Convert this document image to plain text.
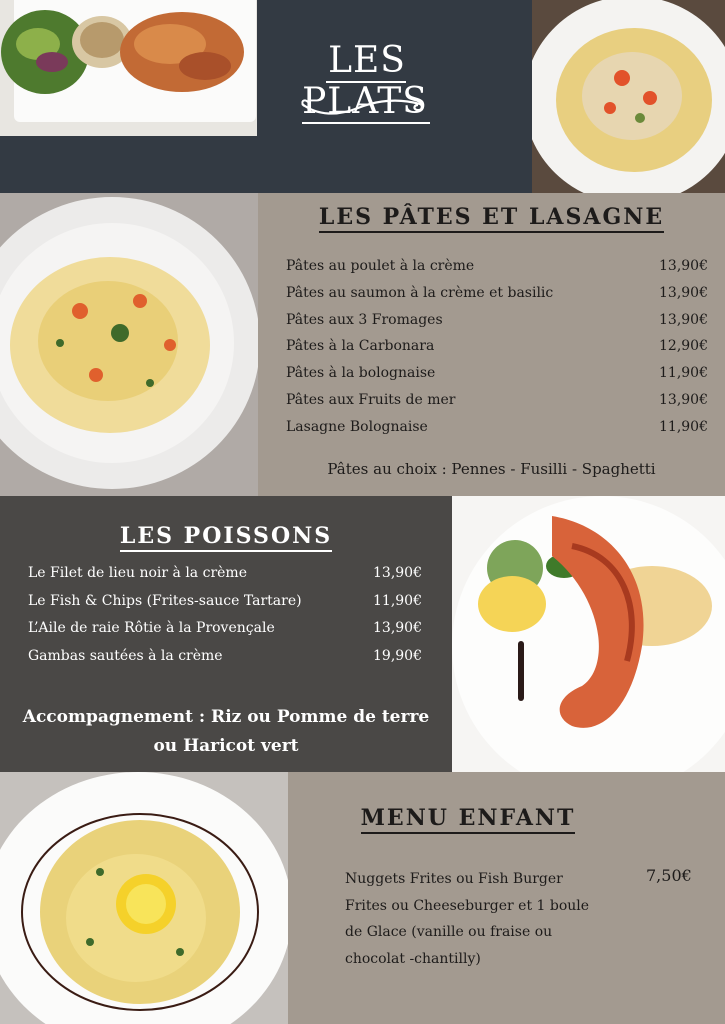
LES PLATS
LES PÂTES ET LASAGNE
Pâtes au poulet à la crème	13,90€
Pâtes au saumon à la crème et basilic	13,90€
Pâtes aux 3 Fromages	13,90€
Pâtes à la Carbonara	12,90€
Pâtes à la bolognaise	11,90€
Pâtes aux Fruits de mer	13,90€
Lasagne Bolognaise	11,90€
Pâtes au choix : Pennes - Fusilli - Spaghetti
LES POISSONS
Le Filet de lieu noir à la crème	13,90€
Le Fish & Chips (Frites-sauce Tartare)	11,90€
L’Aile de raie Rôtie à la Provençale	13,90€
Gambas sautées à la crème	19,90€
Accompagnement : Riz ou Pomme de terre
ou Haricot vert
MENU ENFANT
Nuggets Frites ou Fish Burger
Frites ou Cheeseburger et 1 boule
de Glace (vanille ou fraise ou
chocolat -chantilly)
7,50€
